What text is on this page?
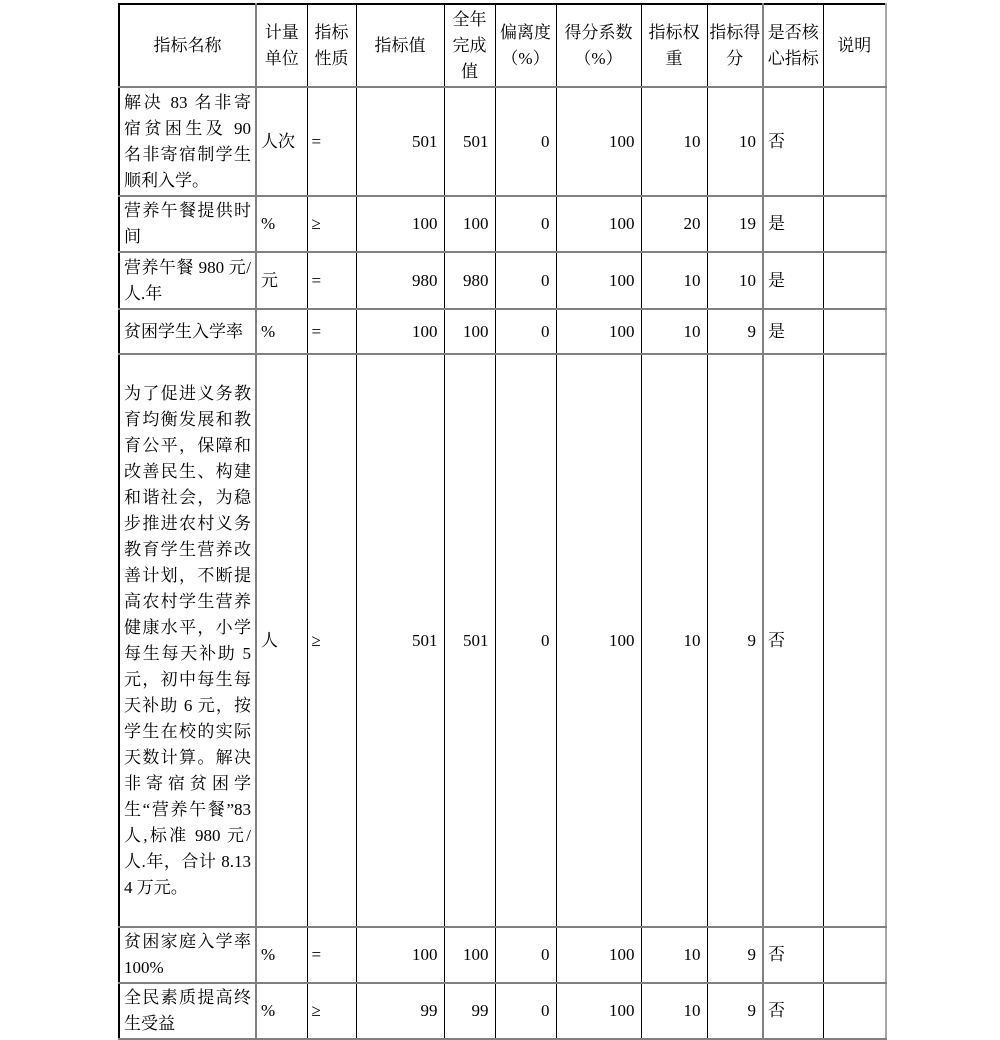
指标名称	计量单位	指标性质	指标值	全年完成值	偏离度（%）	得分系数（%）	指标权重	指标得分	是否核心指标	说明
解决 83 名非寄宿贫困生及 90 名非寄宿制学生顺利入学。	人次	=	501	501	0	100	10	10	否	
营养午餐提供时间	%	≥	100	100	0	100	20	19	是	
营养午餐 980 元/人.年	元	=	980	980	0	100	10	10	是	
贫困学生入学率	%	=	100	100	0	100	10	9	是	
为了促进义务教育均衡发展和教育公平，保障和改善民生、构建和谐社会，为稳步推进农村义务教育学生营养改善计划，不断提高农村学生营养健康水平，小学每生每天补助 5 元，初中每生每天补助 6 元，按学生在校的实际天数计算。解决非寄宿贫困学生“营养午餐”83 人,标准 980 元/人.年，合计 8.134 万元。	人	≥	501	501	0	100	10	9	否	
贫困家庭入学率100%	%	=	100	100	0	100	10	9	否	
全民素质提高终生受益	%	≥	99	99	0	100	10	9	否	
